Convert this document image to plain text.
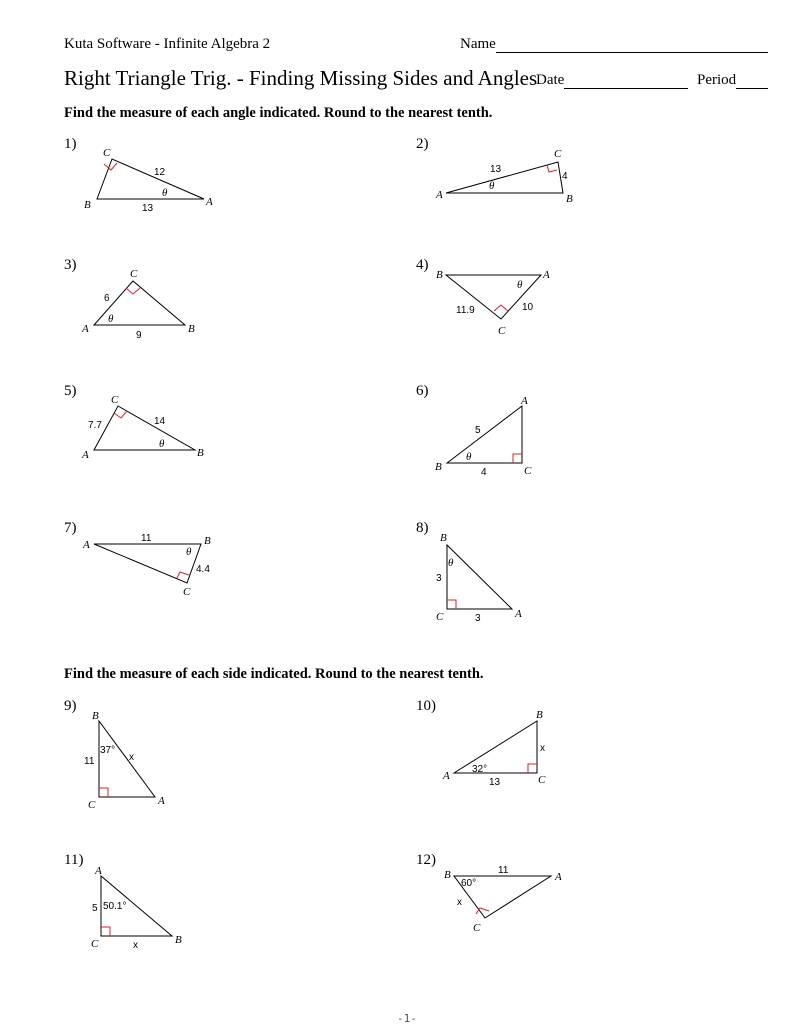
Kuta Software - Infinite Algebra 2	Name
Right Triangle Trig. - Finding Missing Sides and Angles
Date	Period
Find the measure of each angle indicated. Round to the nearest tenth.
Find the measure of each side indicated. Round to the nearest tenth.
1)	2)
3)	4)
5)	6)
7)	8)
9)	10)
11)	12)
C
B	A
12
13
θ
C
A	B
13
4
θ
C
A	B
6
9
θ
B	A
C
11.9	10
θ
C
A	B
7.7	14
θ
A
B	C
5
4
θ
A	B
C
11
4.4
θ
B
C	A
3
3
θ
B
C	A
11	x
37°
B
A	C
x
13
32°
A
C	B
5
x
50.1°
B	A
C
11
x
60°
-1-
